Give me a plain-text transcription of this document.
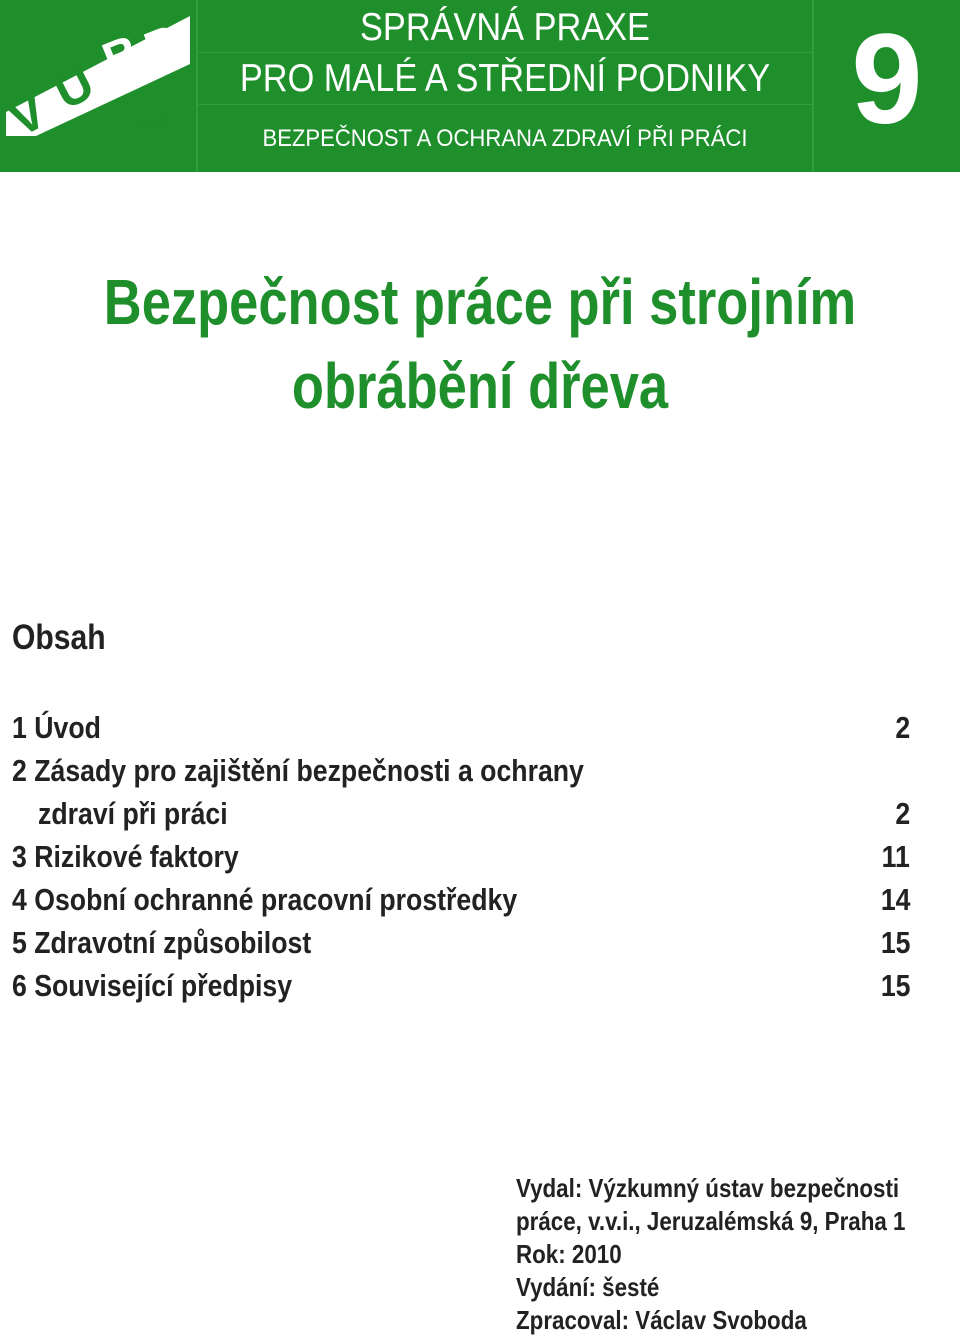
V
Ú
B
P
v.v.i.
SPRÁVNÁ PRAXE
PRO MALÉ A STŘEDNÍ PODNIKY
BEZPEČNOST A OCHRANA ZDRAVÍ PŘI PRÁCI 9
Bezpečnost práce při strojním
obrábění dřeva
Obsah
1 Úvod	2
2 Zásady pro zajištění bezpečnosti a ochrany
zdraví při práci	2
3 Rizikové faktory	11
4 Osobní ochranné pracovní prostředky	14
5 Zdravotní způsobilost	15
6 Související předpisy	15
Vydal: Výzkumný ústav bezpečnosti
práce, v.v.i., Jeruzalémská 9, Praha 1
Rok: 2010
Vydání: šesté
Zpracoval: Václav Svoboda
